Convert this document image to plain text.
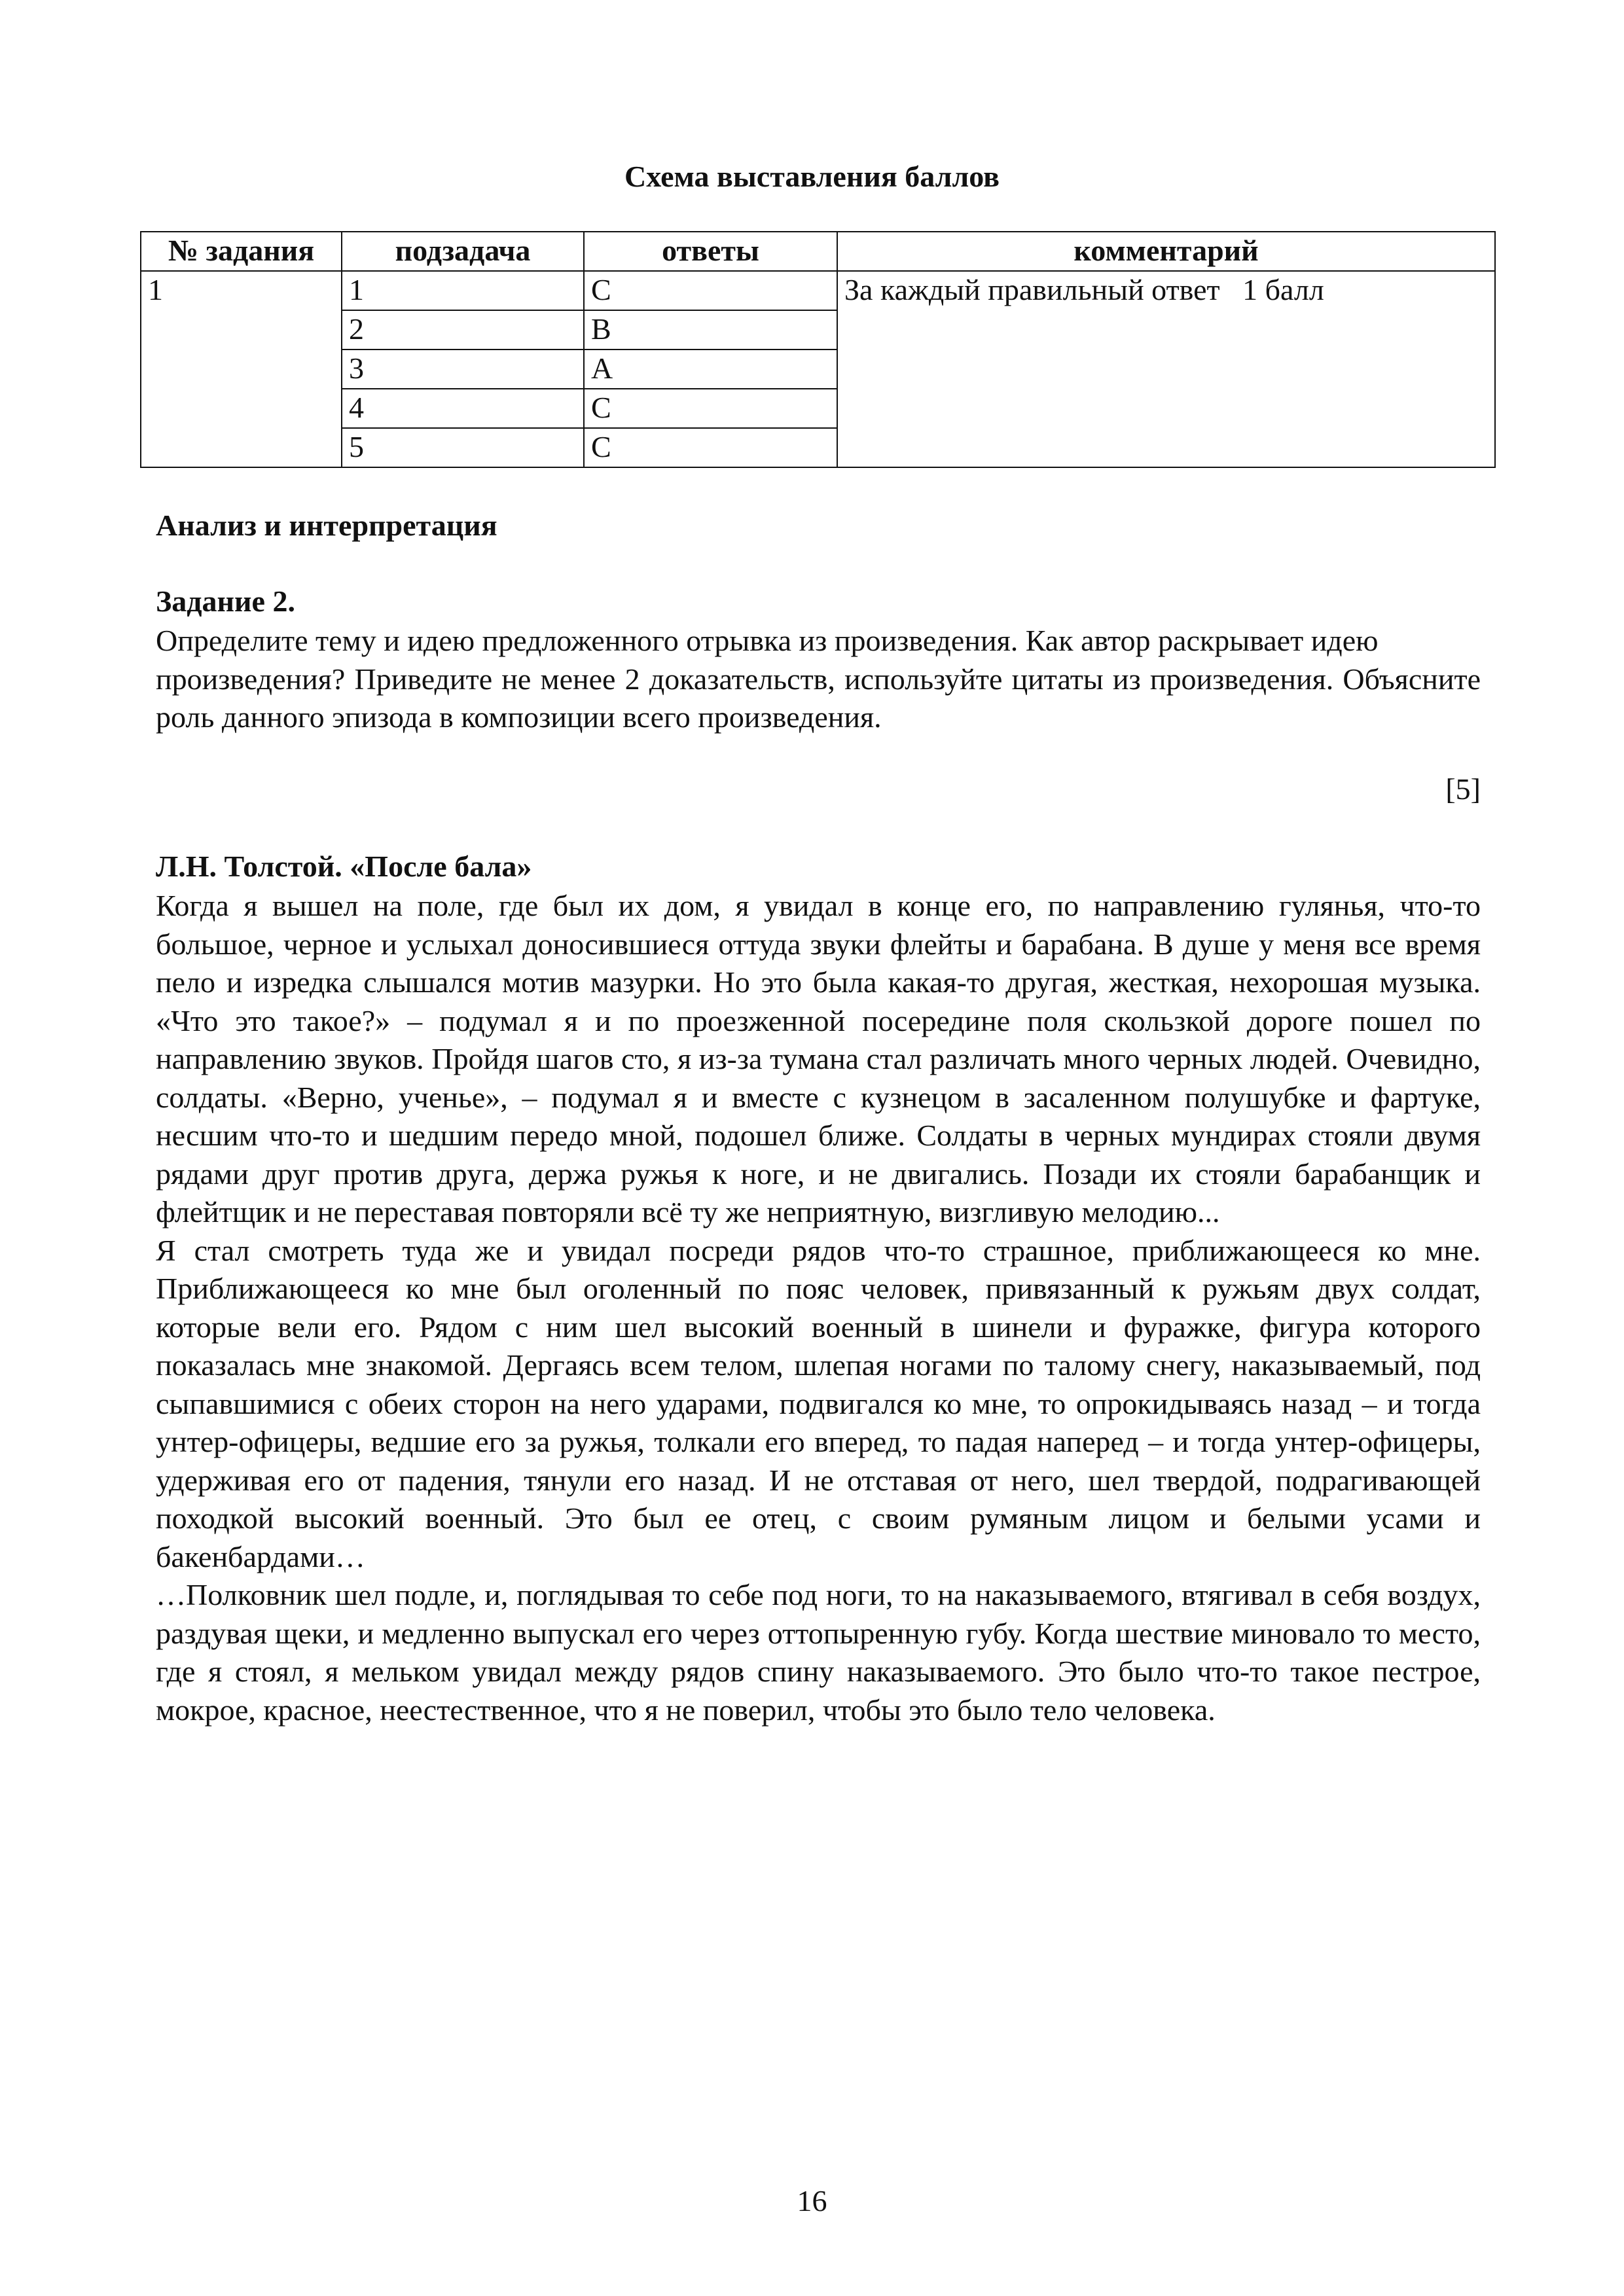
Схема выставления баллов
№ задания	подзадача	ответы	комментарий
1	1	C	За каждый правильный ответ   1 балл
	2	B	
	3	A	
	4	C	
	5	C	
Анализ и интерпретация
Задание 2.

Определите тему и идею предложенного отрывка из произведения. Как автор раскрывает идею

произведения? Приведите не менее 2 доказательств, используйте цитаты из произведения. Объясните роль данного эпизода в композиции всего произведения.

[5]
Л.Н. Толстой. «После бала»

Когда я вышел на поле, где был их дом, я увидал в конце его, по направлению гулянья, что-то большое, черное и услыхал доносившиеся оттуда звуки флейты и барабана. В душе у меня все время пело и изредка слышался мотив мазурки. Но это была какая-то другая, жесткая, нехорошая музыка. «Что это такое?» – подумал я и по проезженной посередине поля скользкой дороге пошел по направлению звуков. Пройдя шагов сто, я из-за тумана стал различать много черных людей. Очевидно, солдаты. «Верно, ученье», – подумал я и вместе с кузнецом в засаленном полушубке и фартуке, несшим что-то и шедшим передо мной, подошел ближе. Солдаты в черных мундирах стояли двумя рядами друг против друга, держа ружья к ноге, и не двигались. Позади их стояли барабанщик и флейтщик и не переставая повторяли всё ту же неприятную, визгливую мелодию...

Я стал смотреть туда же и увидал посреди рядов что-то страшное, приближающееся ко мне. Приближающееся ко мне был оголенный по пояс человек, привязанный к ружьям двух солдат, которые вели его. Рядом с ним шел высокий военный в шинели и фуражке, фигура которого показалась мне знакомой. Дергаясь всем телом, шлепая ногами по талому снегу, наказываемый, под сыпавшимися с обеих сторон на него ударами, подвигался ко мне, то опрокидываясь назад – и тогда унтер-офицеры, ведшие его за ружья, толкали его вперед, то падая наперед – и тогда унтер-офицеры, удерживая его от падения, тянули его назад. И не отставая от него, шел твердой, подрагивающей походкой высокий военный. Это был ее отец, с своим румяным лицом и белыми усами и бакенбардами…

…Полковник шел подле, и, поглядывая то себе под ноги, то на наказываемого, втягивал в себя воздух, раздувая щеки, и медленно выпускал его через оттопыренную губу. Когда шествие миновало то место, где я стоял, я мельком увидал между рядов спину наказываемого. Это было что-то такое пестрое, мокрое, красное, неестественное, что я не поверил, чтобы это было тело человека.

16
